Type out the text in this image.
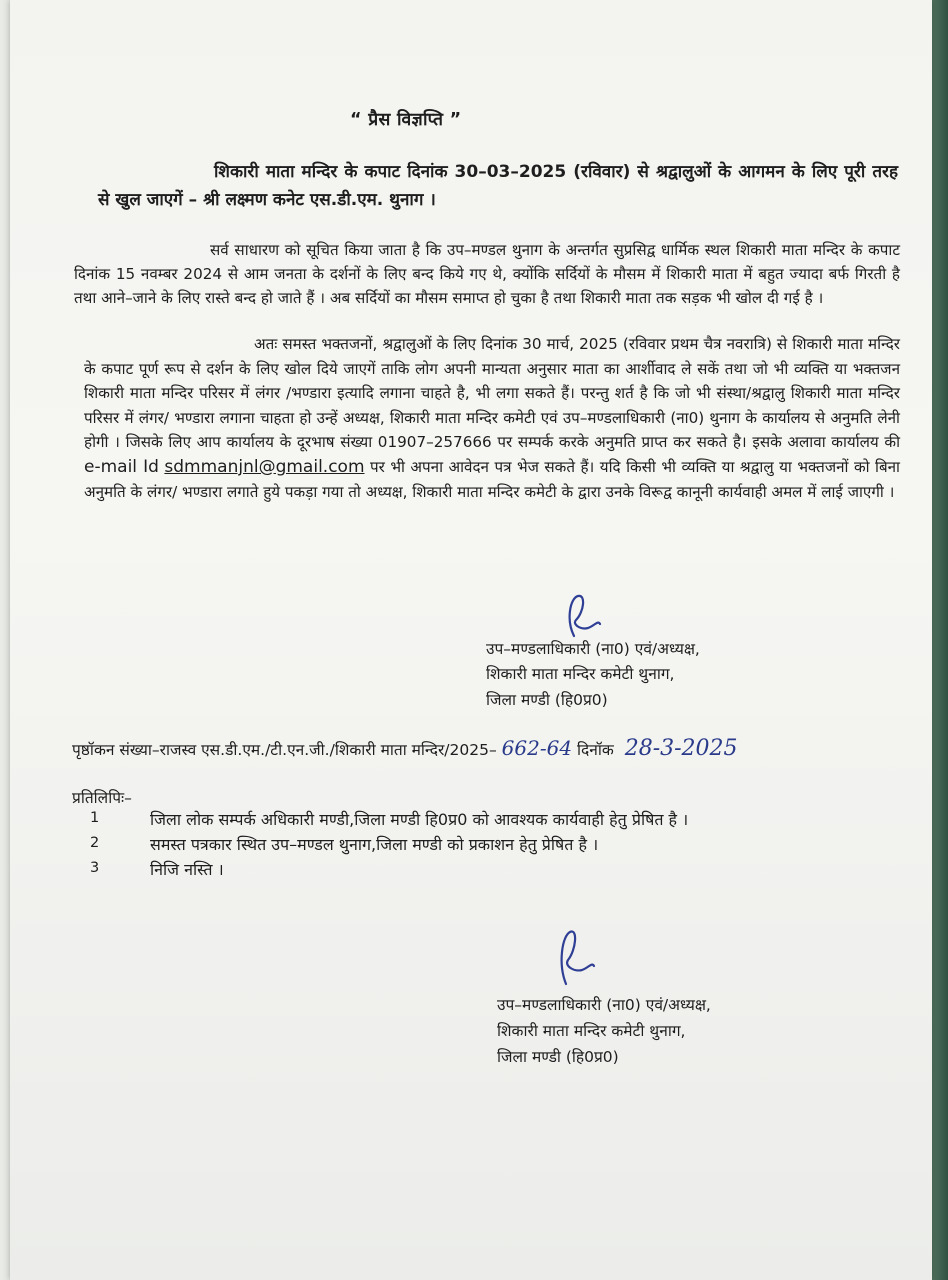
“ प्रैस विज्ञप्ति ”
शिकारी माता मन्दिर के कपाट दिनांक 30–03–2025 (रविवार) से श्रद्वालुओं के आगमन के लिए पूरी तरह से खुल जाएगें – श्री लक्ष्मण कनेट एस.डी.एम. थुनाग ।
सर्व साधारण को सूचित किया जाता है कि उप–मण्डल थुनाग के अन्तर्गत सुप्रसिद्व धार्मिक स्थल शिकारी माता मन्दिर के कपाट दिनांक 15 नवम्बर 2024 से आम जनता के दर्शनों के लिए बन्द किये गए थे, क्योंकि सर्दियों के मौसम में शिकारी माता में बहुत ज्यादा बर्फ गिरती है तथा आने–जाने के लिए रास्ते बन्द हो जाते हैं । अब सर्दियों का मौसम समाप्त हो चुका है तथा शिकारी माता तक सड़क भी खोल दी गई है ।
अतः समस्त भक्तजनों, श्रद्वालुओं के लिए दिनांक 30 मार्च, 2025 (रविवार प्रथम चैत्र नवरात्रि) से शिकारी माता मन्दिर के कपाट पूर्ण रूप से दर्शन के लिए खोल दिये जाएगें ताकि लोग अपनी मान्यता अनुसार माता का आर्शीवाद ले सकें तथा जो भी व्यक्ति या भक्तजन शिकारी माता मन्दिर परिसर में लंगर /भण्डारा इत्यादि लगाना चाहते है, भी लगा सकते हैं। परन्तु शर्त है कि जो भी संस्था/श्रद्वालु शिकारी माता मन्दिर परिसर में लंगर/ भण्डारा लगाना चाहता हो उन्हें अध्यक्ष, शिकारी माता मन्दिर कमेटी एवं उप–मण्डलाधिकारी (ना0) थुनाग के कार्यालय से अनुमति लेनी होगी । जिसके लिए आप कार्यालय के दूरभाष संख्या 01907–257666 पर सम्पर्क करके अनुमति प्राप्त कर सकते है। इसके अलावा कार्यालय की e-mail Id sdmmanjnl@gmail.com पर भी अपना आवेदन पत्र भेज सकते हैं। यदि किसी भी व्यक्ति या श्रद्वालु या भक्तजनों को बिना अनुमति के लंगर/ भण्डारा लगाते हुये पकड़ा गया तो अध्यक्ष, शिकारी माता मन्दिर कमेटी के द्वारा उनके विरूद्व कानूनी कार्यवाही अमल में लाई जाएगी ।
उप–मण्डलाधिकारी (ना0) एवं/अध्यक्ष,
शिकारी माता मन्दिर कमेटी थुनाग,
जिला मण्डी (हि0प्र0)
पृष्ठॉकन संख्या–राजस्व एस.डी.एम./टी.एन.जी./शिकारी माता मन्दिर/2025– 662-64 दिनॉक 28-3-2025
प्रतिलिपिः–
1	जिला लोक सम्पर्क अधिकारी मण्डी,जिला मण्डी हि0प्र0 को आवश्यक कार्यवाही हेतु प्रेषित है ।
2	समस्त पत्रकार स्थित उप–मण्डल थुनाग,जिला मण्डी को प्रकाशन हेतु प्रेषित है ।
3	निजि नस्ति ।
उप–मण्डलाधिकारी (ना0) एवं/अध्यक्ष,
शिकारी माता मन्दिर कमेटी थुनाग,
जिला मण्डी (हि0प्र0)
